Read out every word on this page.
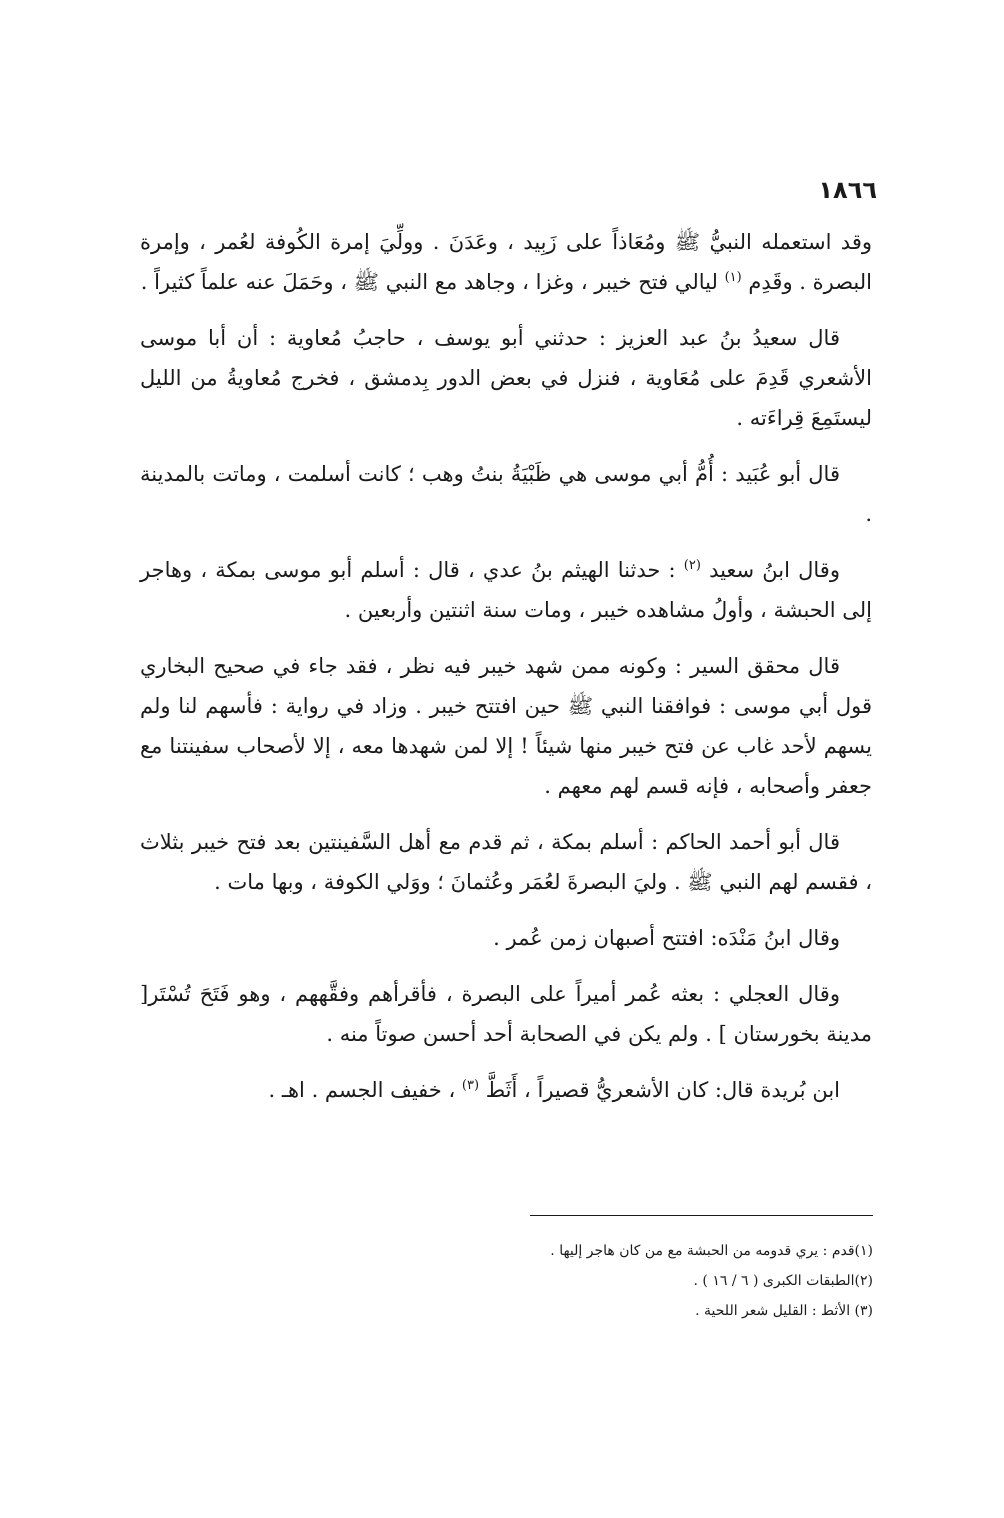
١٨٦٦

وقد استعمله النبيُّ ﷺ ومُعَاذاً على زَبِيد ، وعَدَنَ . وولِّيَ إمرة الكُوفة لعُمر ، وإمرة البصرة . وقَدِم $^{(١)}$ ليالي فتح خيبر ، وغزا ، وجاهد مع النبي ﷺ ، وحَمَلَ عنه علماً كثيراً .

قال سعيدُ بنُ عبد العزيز : حدثني أبو يوسف ، حاجبُ مُعاوية : أن أبا موسى الأشعري قَدِمَ على مُعَاوية ، فنزل في بعض الدور بِدمشق ، فخرج مُعاويةُ من الليل ليستَمِعَ قِراءَته .

قال أبو عُبَيد : أُمُّ أبي موسى هي ظَبْيَةُ بنتُ وهب ؛ كانت أسلمت ، وماتت بالمدينة .

وقال ابنُ سعيد $^{(٢)}$ : حدثنا الهيثم بنُ عدي ، قال : أسلم أبو موسى بمكة ، وهاجر إلى الحبشة ، وأولُ مشاهده خيبر ، ومات سنة اثنتين وأربعين .

قال محقق السير : وكونه ممن شهد خيبر فيه نظر ، فقد جاء في صحيح البخاري قول أبي موسى : فوافقنا النبي ﷺ حين افتتح خيبر . وزاد في رواية : فأسهم لنا ولم يسهم لأحد غاب عن فتح خيبر منها شيئاً ! إلا لمن شهدها معه ، إلا لأصحاب سفينتنا مع جعفر وأصحابه ، فإنه قسم لهم معهم .

قال أبو أحمد الحاكم : أسلم بمكة ، ثم قدم مع أهل السَّفينتين بعد فتح خيبر بثلاث ، فقسم لهم النبي ﷺ . وليَ البصرةَ لعُمَر وعُثمانَ ؛ ووَلي الكوفة ، وبها مات .

وقال ابنُ مَنْدَه: افتتح أصبهان زمن عُمر .

وقال العجلي : بعثه عُمر أميراً على البصرة ، فأقرأهم وفقَّههم ، وهو فَتَحَ تُسْتَر[ مدينة بخورستان ] . ولم يكن في الصحابة أحد أحسن صوتاً منه .

ابن بُريدة قال: كان الأشعريُّ قصيراً ، أَثَطَّ $^{(٣)}$ ، خفيف الجسم . اهـ .

(١)قدم : يري قدومه من الحبشة مع من كان هاجر إليها .
(٢)الطبقات الكبرى ( ٦ / ١٦ ) .
(٣) الأثط : القليل شعر اللحية .
